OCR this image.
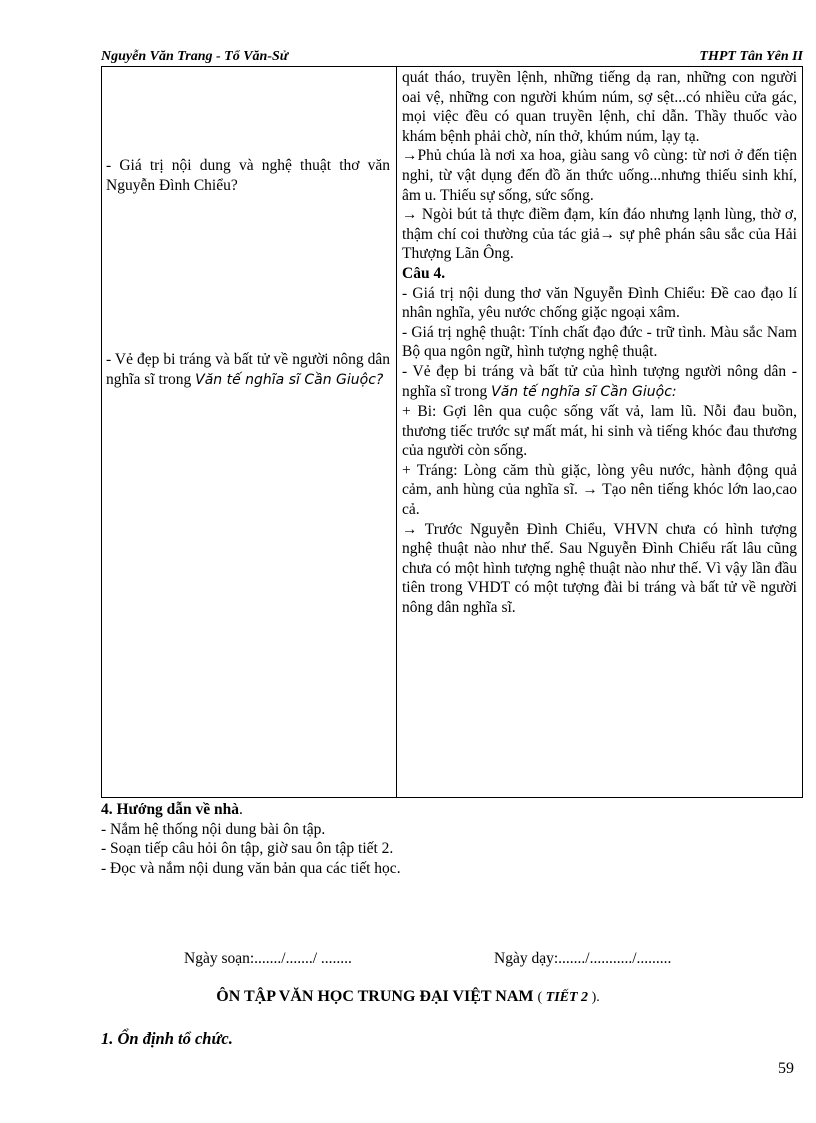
Nguyễn Văn Trang - Tổ Văn-Sử	THPT Tân Yên II
- Giá trị nội dung và nghệ thuật thơ văn Nguyễn Đình Chiểu?
- Vẻ đẹp bi tráng và bất tử về người nông dân nghĩa sĩ trong Văn tế nghĩa sĩ Cần Giuộc?

quát tháo, truyền lệnh, những tiếng dạ ran, những con người oai vệ, những con người khúm núm, sợ sệt...có nhiều cửa gác, mọi việc đều có quan truyền lệnh, chỉ dẫn. Thầy thuốc vào khám bệnh phải chờ, nín thở, khúm núm, lạy tạ.

→Phủ chúa là nơi xa hoa, giàu sang vô cùng: từ nơi ở đến tiện nghi, từ vật dụng đến đồ ăn thức uống...nhưng thiếu sinh khí, âm u. Thiếu sự sống, sức sống.

→ Ngòi bút tả thực điềm đạm, kín đáo nhưng lạnh lùng, thờ ơ, thậm chí coi thường của tác giả→ sự phê phán sâu sắc của Hải Thượng Lãn Ông.

Câu 4.

- Giá trị nội dung thơ văn Nguyễn Đình Chiểu: Đề cao đạo lí nhân nghĩa, yêu nước chống giặc ngoại xâm.

- Giá trị nghệ thuật: Tính chất đạo đức - trữ tình. Màu sắc Nam Bộ qua ngôn ngữ, hình tượng nghệ thuật.

- Vẻ đẹp bi tráng và bất tử của hình tượng người nông dân - nghĩa sĩ trong Văn tế nghĩa sĩ Cần Giuộc:

+ Bi: Gợi lên qua cuộc sống vất vả, lam lũ. Nỗi đau buồn, thương tiếc trước sự mất mát, hi sinh và tiếng khóc đau thương của người còn sống.

+ Tráng: Lòng căm thù giặc, lòng yêu nước, hành động quả cảm, anh hùng của nghĩa sĩ. → Tạo nên tiếng khóc lớn lao,cao cả.

→ Trước Nguyễn Đình Chiểu, VHVN chưa có hình tượng nghệ thuật nào như thế. Sau Nguyễn Đình Chiểu rất lâu cũng chưa có một hình tượng nghệ thuật nào như thế. Vì vậy lần đầu tiên trong VHDT có một tượng đài bi tráng và bất tử về người nông dân nghĩa sĩ.

4. Hướng dẫn về nhà.

- Nắm hệ thống nội dung bài ôn tập.

- Soạn tiếp câu hỏi ôn tập, giờ sau ôn tập tiết 2.

- Đọc và nắm nội dung văn bản qua các tiết học.

Ngày soạn:......./......./ ........	Ngày dạy:......./.........../.........
ÔN TẬP VĂN HỌC TRUNG ĐẠI VIỆT NAM ( TIẾT 2 ).
1. Ổn định tổ chức.
59
